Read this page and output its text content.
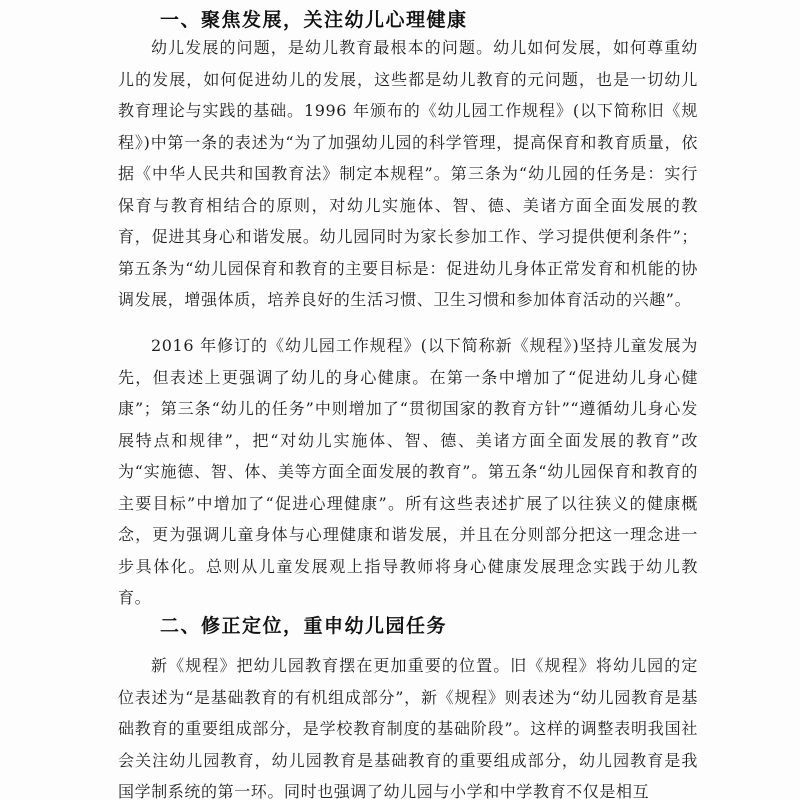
一、聚焦发展，关注幼儿心理健康

幼儿发展的问题，是幼儿教育最根本的问题。幼儿如何发展，如何尊重幼儿的发展，如何促进幼儿的发展，这些都是幼儿教育的元问题，也是一切幼儿教育理论与实践的基础。1996 年颁布的《幼儿园工作规程》(以下简称旧《规程》)中第一条的表述为“为了加强幼儿园的科学管理，提高保育和教育质量，依据《中华人民共和国教育法》制定本规程”。第三条为“幼儿园的任务是：实行保育与教育相结合的原则，对幼儿实施体、智、德、美诸方面全面发展的教育，促进其身心和谐发展。幼儿园同时为家长参加工作、学习提供便利条件”；第五条为“幼儿园保育和教育的主要目标是：促进幼儿身体正常发育和机能的协调发展，增强体质，培养良好的生活习惯、卫生习惯和参加体育活动的兴趣”。

2016 年修订的《幼儿园工作规程》(以下简称新《规程》)坚持儿童发展为先，但表述上更强调了幼儿的身心健康。在第一条中增加了“促进幼儿身心健康”；第三条“幼儿的任务”中则增加了“贯彻国家的教育方针”“遵循幼儿身心发展特点和规律”，把“对幼儿实施体、智、德、美诸方面全面发展的教育”改为“实施德、智、体、美等方面全面发展的教育”。第五条“幼儿园保育和教育的主要目标”中增加了“促进心理健康”。所有这些表述扩展了以往狭义的健康概念，更为强调儿童身体与心理健康和谐发展，并且在分则部分把这一理念进一步具体化。总则从儿童发展观上指导教师将身心健康发展理念实践于幼儿教育。

二、修正定位，重申幼儿园任务

新《规程》把幼儿园教育摆在更加重要的位置。旧《规程》将幼儿园的定位表述为“是基础教育的有机组成部分”，新《规程》则表述为“幼儿园教育是基础教育的重要组成部分，是学校教育制度的基础阶段”。这样的调整表明我国社会关注幼儿园教育，幼儿园教育是基础教育的重要组成部分，幼儿园教育是我国学制系统的第一环。同时也强调了幼儿园与小学和中学教育不仅是相互
